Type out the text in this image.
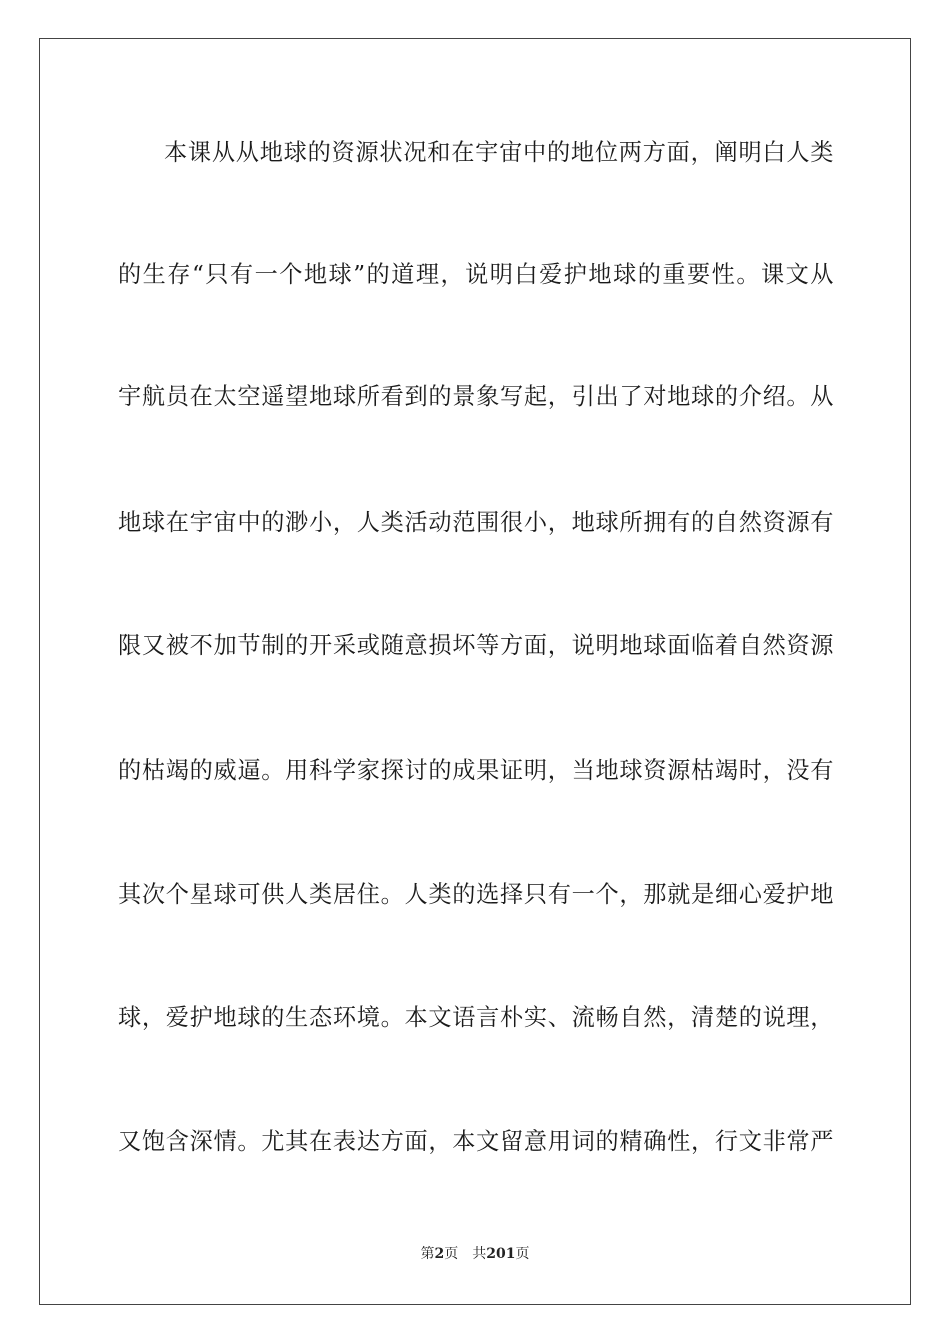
本课从从地球的资源状况和在宇宙中的地位两方面，阐明白人类
的生存“只有一个地球”的道理，说明白爱护地球的重要性。课文从
宇航员在太空遥望地球所看到的景象写起，引出了对地球的介绍。从
地球在宇宙中的渺小，人类活动范围很小，地球所拥有的自然资源有
限又被不加节制的开采或随意损坏等方面，说明地球面临着自然资源
的枯竭的威逼。用科学家探讨的成果证明，当地球资源枯竭时，没有
其次个星球可供人类居住。人类的选择只有一个，那就是细心爱护地
球，爱护地球的生态环境。本文语言朴实、流畅自然，清楚的说理，
又饱含深情。尤其在表达方面，本文留意用词的精确性，行文非常严
第2页 共201页
